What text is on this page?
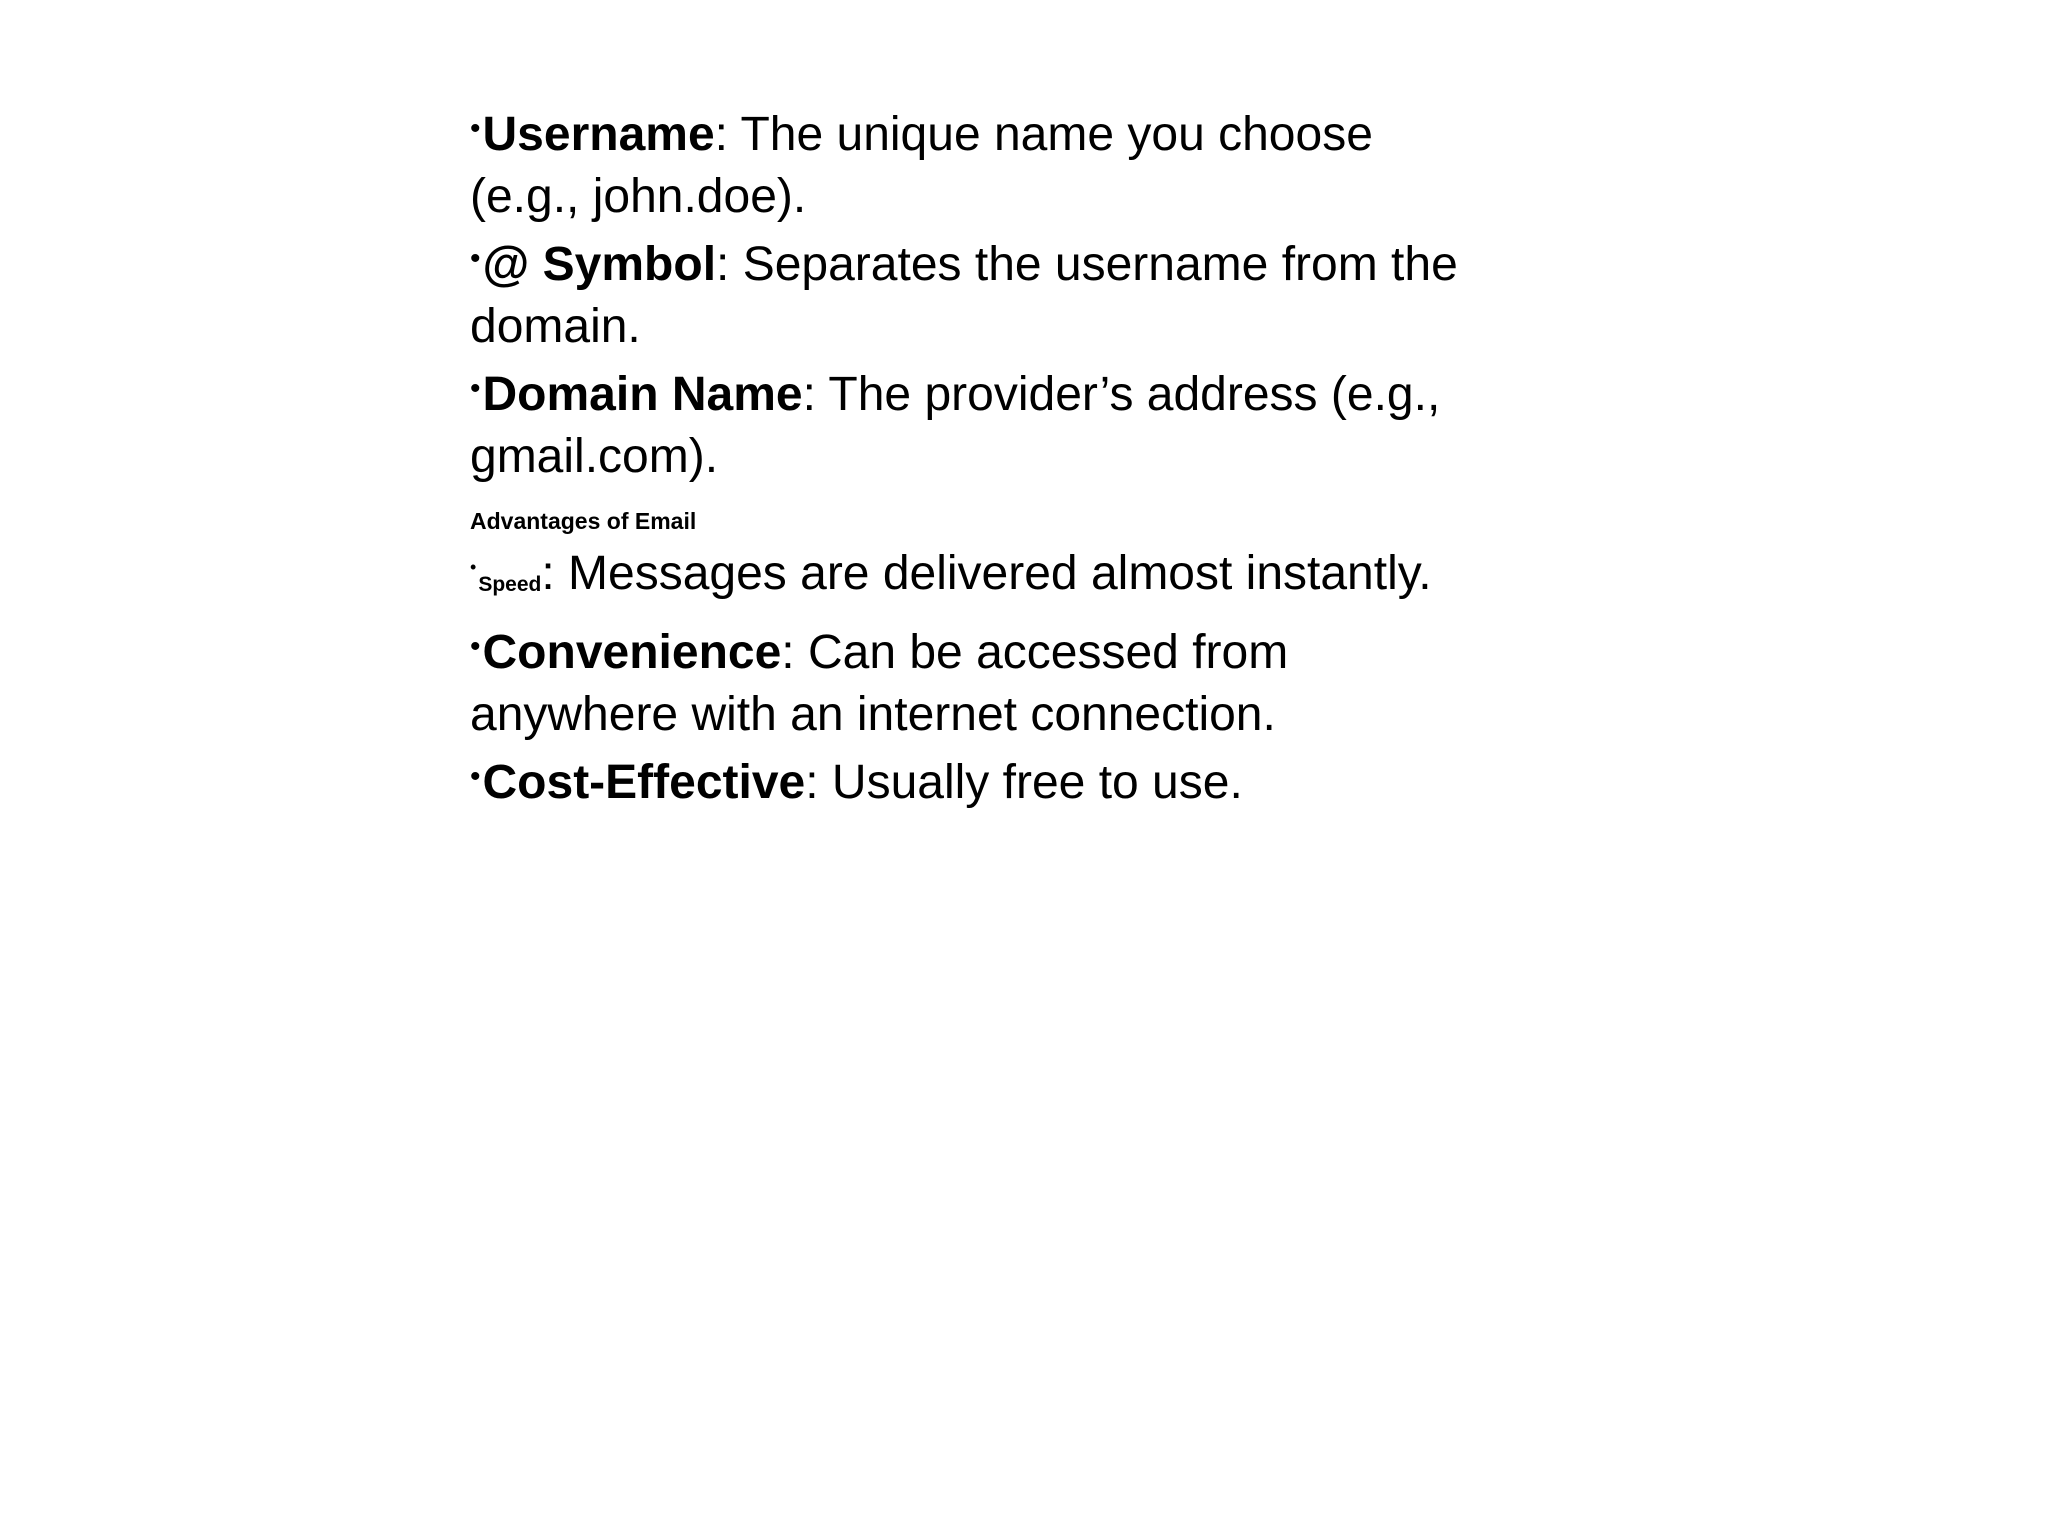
•Username: The unique name you choose (e.g., john.doe).

•@ Symbol: Separates the username from the domain.

•Domain Name: The provider’s address (e.g., gmail.com).

Advantages of Email

•Speed: Messages are delivered almost instantly.

•Convenience: Can be accessed from anywhere with an internet connection.

•Cost-Effective: Usually free to use.
